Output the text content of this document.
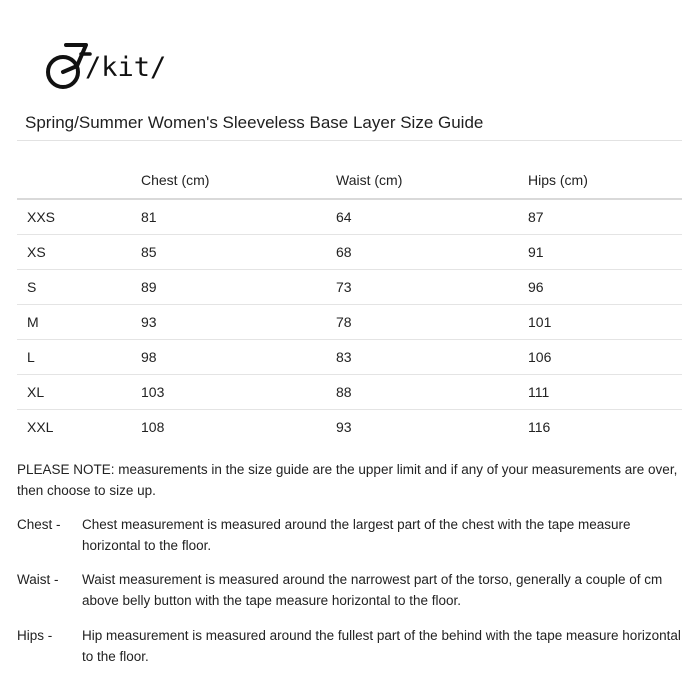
/kit/
Spring/Summer Women's Sleeveless Base Layer Size Guide
	Chest (cm)	Waist (cm)	Hips (cm)
XXS	81	64	87
XS	85	68	91
S	89	73	96
M	93	78	101
L	98	83	106
XL	103	88	111
XXL	108	93	116
PLEASE NOTE: measurements in the size guide are the upper limit and if any of your measurements are over, then choose to size up.
Chest -	Chest measurement is measured around the largest part of the chest with the tape measure horizontal to the floor.
Waist -	Waist measurement is measured around the narrowest part of the torso, generally a couple of cm above belly button with the tape measure horizontal to the floor.
Hips -	Hip measurement is measured around the fullest part of the behind with the tape measure horizontal to the floor.
